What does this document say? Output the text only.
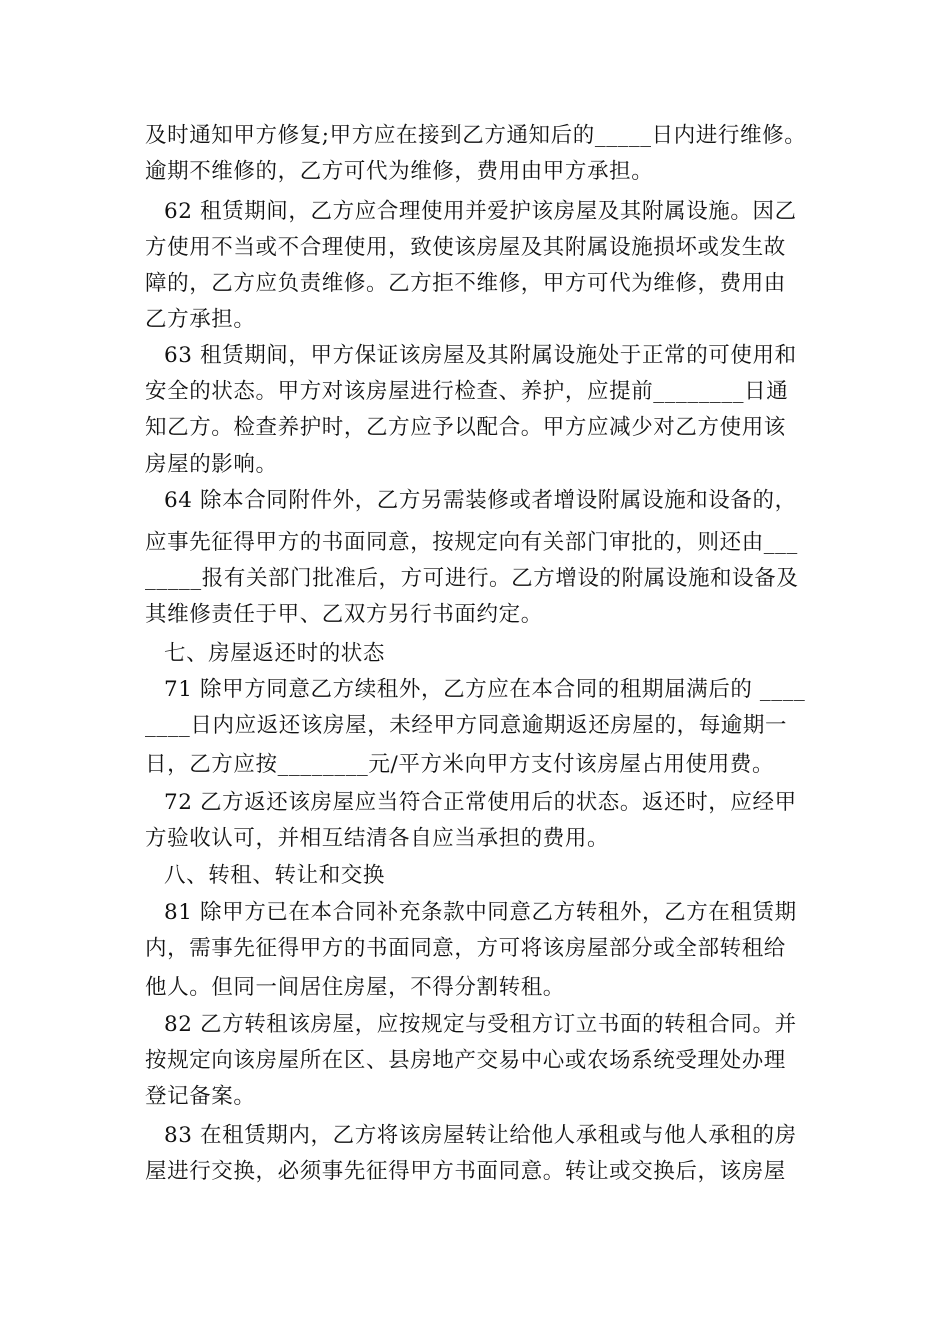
及时通知甲方修复;甲方应在接到乙方通知后的_____日内进行维修。
逾期不维修的，乙方可代为维修，费用由甲方承担。
62 租赁期间，乙方应合理使用并爱护该房屋及其附属设施。因乙
方使用不当或不合理使用，致使该房屋及其附属设施损坏或发生故
障的，乙方应负责维修。乙方拒不维修，甲方可代为维修，费用由
乙方承担。
63 租赁期间，甲方保证该房屋及其附属设施处于正常的可使用和
安全的状态。甲方对该房屋进行检查、养护，应提前________日通
知乙方。检查养护时，乙方应予以配合。甲方应减少对乙方使用该
房屋的影响。
64 除本合同附件外，乙方另需装修或者增设附属设施和设备的，
应事先征得甲方的书面同意，按规定向有关部门审批的，则还由___
_____报有关部门批准后，方可进行。乙方增设的附属设施和设备及
其维修责任于甲、乙双方另行书面约定。
七、房屋返还时的状态
71 除甲方同意乙方续租外，乙方应在本合同的租期届满后的 ____
____日内应返还该房屋，未经甲方同意逾期返还房屋的，每逾期一
日，乙方应按________元/平方米向甲方支付该房屋占用使用费。
72 乙方返还该房屋应当符合正常使用后的状态。返还时，应经甲
方验收认可，并相互结清各自应当承担的费用。
八、转租、转让和交换
81 除甲方已在本合同补充条款中同意乙方转租外，乙方在租赁期
内，需事先征得甲方的书面同意，方可将该房屋部分或全部转租给
他人。但同一间居住房屋，不得分割转租。
82 乙方转租该房屋，应按规定与受租方订立书面的转租合同。并
按规定向该房屋所在区、县房地产交易中心或农场系统受理处办理
登记备案。
83 在租赁期内，乙方将该房屋转让给他人承租或与他人承租的房
屋进行交换，必须事先征得甲方书面同意。转让或交换后，该房屋
